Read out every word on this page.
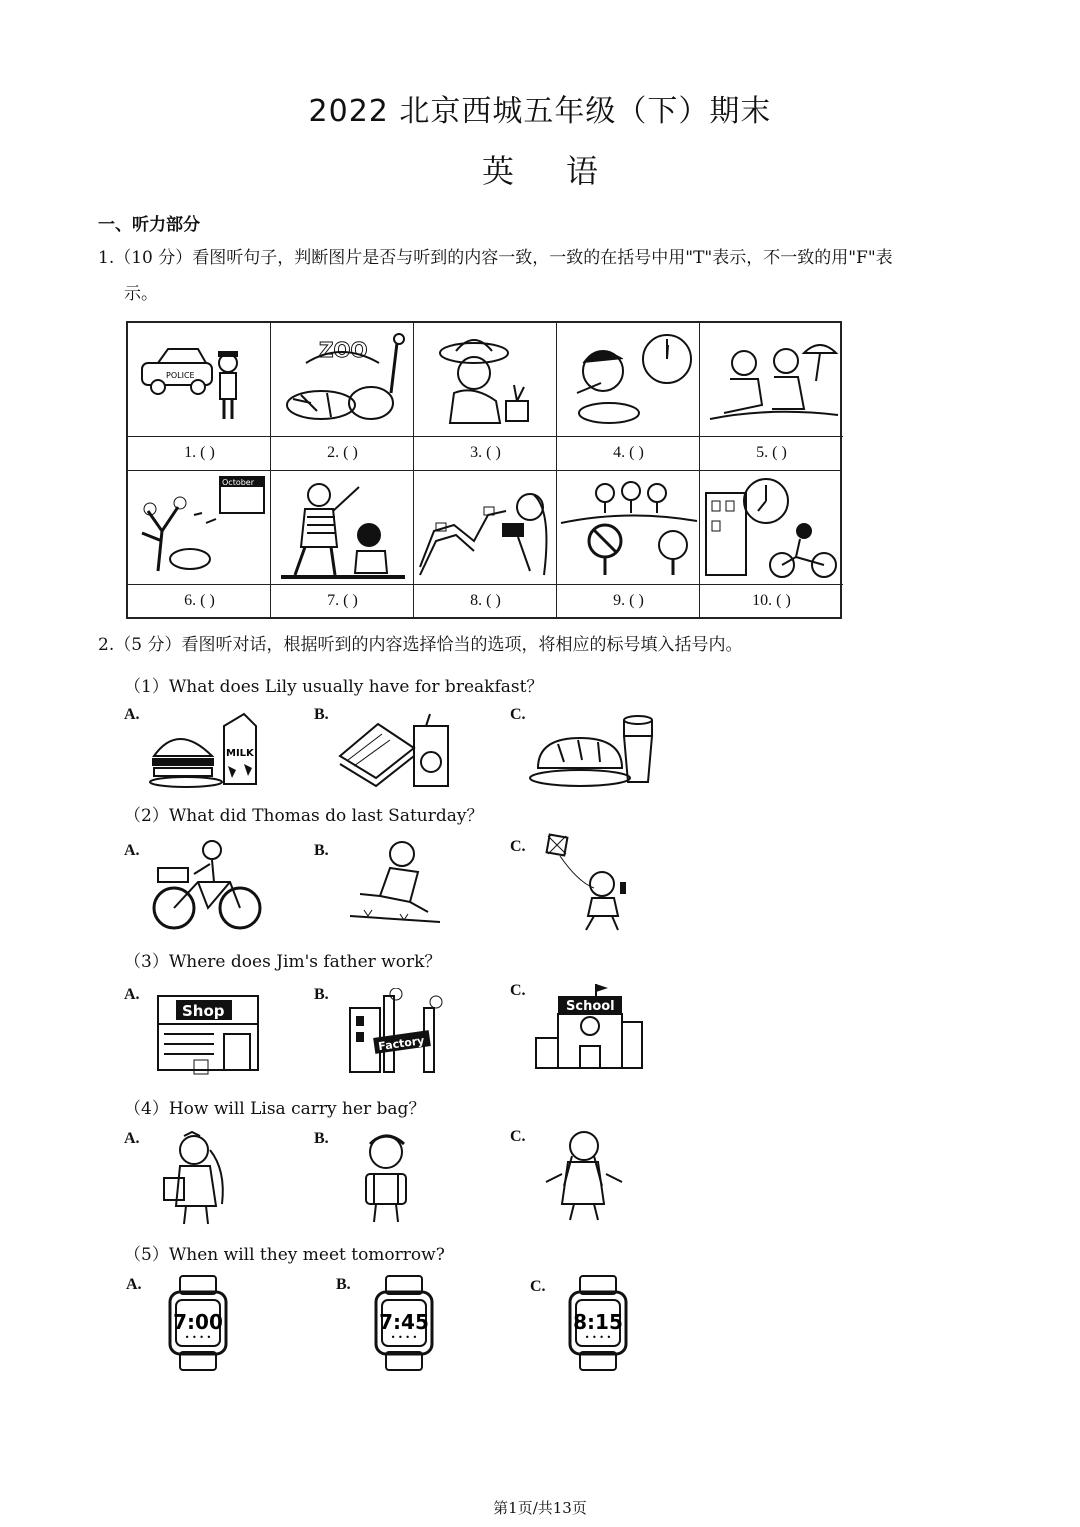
2022 北京西城五年级（下）期末
英语
一、听力部分
1.（10 分）看图听句子，判断图片是否与听到的内容一致，一致的在括号中用"T"表示，不一致的用"F"表
示。
POLICE
ZOO
1. ( )	2. ( )	3. ( )	4. ( )	5. ( )
October
6. ( )	7. ( )	8. ( )	9. ( )	10. ( )
2.（5 分）看图听对话，根据听到的内容选择恰当的选项，将相应的标号填入括号内。
（1）What does Lily usually have for breakfast？
A.	B.	C.
MILK
（2）What did Thomas do last Saturday？
A.	B.	C.
（3）Where does Jim's father work？
A.	B.	C.
Shop
Factory
School
（4）How will Lisa carry her bag？
A.	B.	C.
（5）When will they meet tomorrow?
A.	B.	C.
7:00
• • • •
7:45
• • • •
8:15
• • • •
第1页/共13页
